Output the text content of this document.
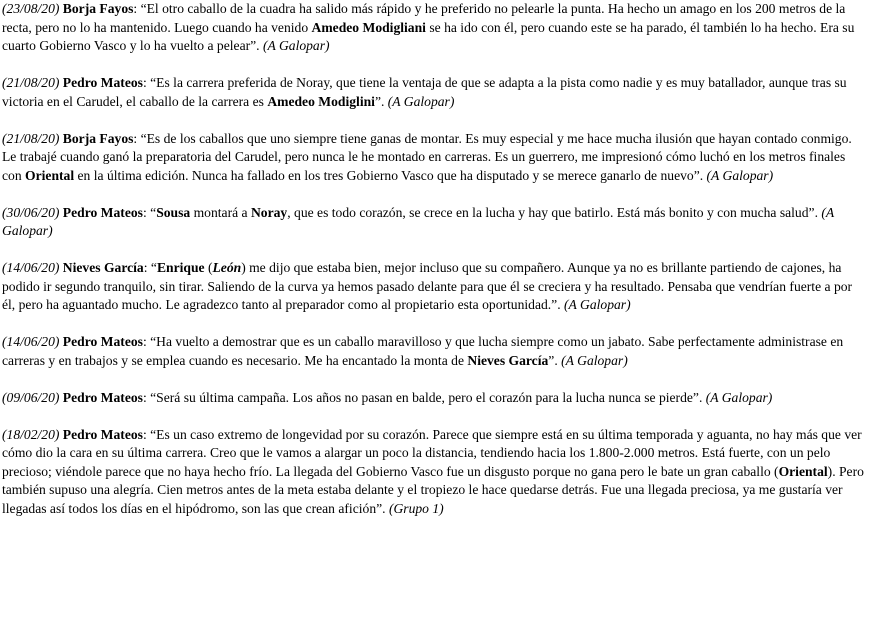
(23/08/20) Borja Fayos: “El otro caballo de la cuadra ha salido más rápido y he preferido no pelearle la punta. Ha hecho un amago en los 200 metros de la recta, pero no lo ha mantenido. Luego cuando ha venido Amedeo Modigliani se ha ido con él, pero cuando este se ha parado, él también lo ha hecho. Era su cuarto Gobierno Vasco y lo ha vuelto a pelear”. (A Galopar)

(21/08/20) Pedro Mateos: “Es la carrera preferida de Noray, que tiene la ventaja de que se adapta a la pista como nadie y es muy batallador, aunque tras su victoria en el Carudel, el caballo de la carrera es Amedeo Modiglini”. (A Galopar)

(21/08/20) Borja Fayos: “Es de los caballos que uno siempre tiene ganas de montar. Es muy especial y me hace mucha ilusión que hayan contado conmigo. Le trabajé cuando ganó la preparatoria del Carudel, pero nunca le he montado en carreras. Es un guerrero, me impresionó cómo luchó en los metros finales con Oriental en la última edición. Nunca ha fallado en los tres Gobierno Vasco que ha disputado y se merece ganarlo de nuevo”. (A Galopar)

(30/06/20) Pedro Mateos: “Sousa montará a Noray, que es todo corazón, se crece en la lucha y hay que batirlo. Está más bonito y con mucha salud”. (A Galopar)

(14/06/20) Nieves García: “Enrique (León) me dijo que estaba bien, mejor incluso que su compañero. Aunque ya no es brillante partiendo de cajones, ha podido ir segundo tranquilo, sin tirar. Saliendo de la curva ya hemos pasado delante para que él se creciera y ha resultado. Pensaba que vendrían fuerte a por él, pero ha aguantado mucho. Le agradezco tanto al preparador como al propietario esta oportunidad.”. (A Galopar)

(14/06/20) Pedro Mateos: “Ha vuelto a demostrar que es un caballo maravilloso y que lucha siempre como un jabato. Sabe perfectamente administrase en carreras y en trabajos y se emplea cuando es necesario. Me ha encantado la monta de Nieves García”. (A Galopar)

(09/06/20) Pedro Mateos: “Será su última campaña. Los años no pasan en balde, pero el corazón para la lucha nunca se pierde”. (A Galopar)

(18/02/20) Pedro Mateos: “Es un caso extremo de longevidad por su corazón. Parece que siempre está en su última temporada y aguanta, no hay más que ver cómo dio la cara en su última carrera. Creo que le vamos a alargar un poco la distancia, tendiendo hacia los 1.800-2.000 metros. Está fuerte, con un pelo precioso; viéndole parece que no haya hecho frío. La llegada del Gobierno Vasco fue un disgusto porque no gana pero le bate un gran caballo (Oriental). Pero también supuso una alegría. Cien metros antes de la meta estaba delante y el tropiezo le hace quedarse detrás. Fue una llegada preciosa, ya me gustaría ver llegadas así todos los días en el hipódromo, son las que crean afición”. (Grupo 1)
